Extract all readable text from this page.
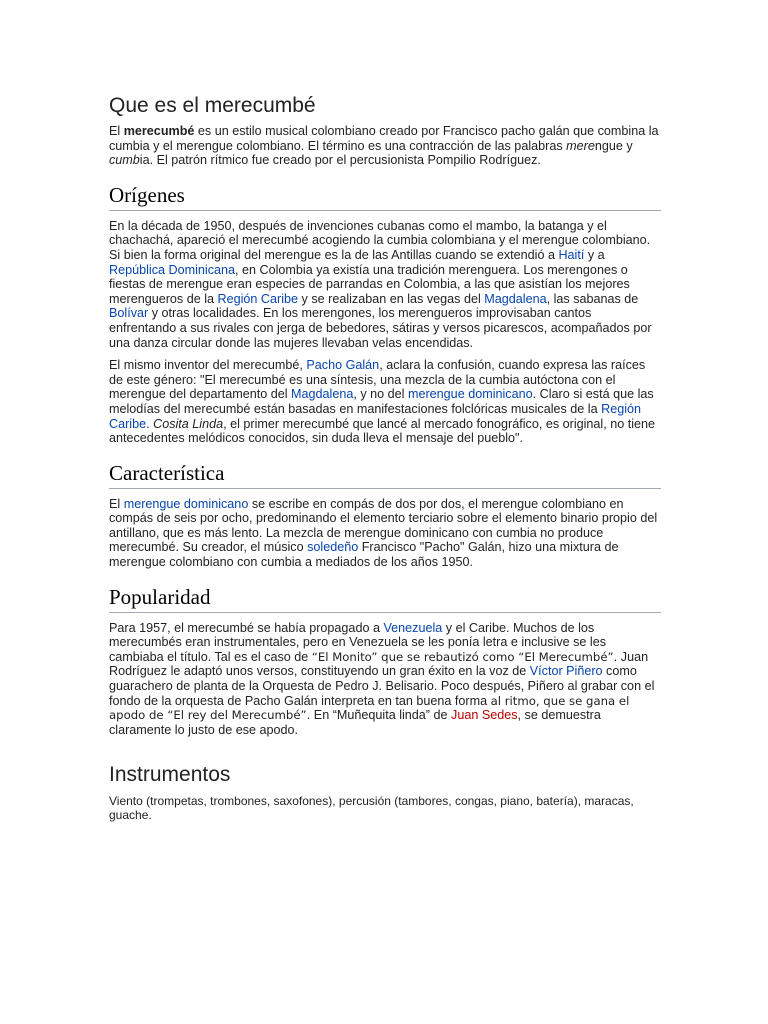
Que es el merecumbé

El merecumbé es un estilo musical colombiano creado por Francisco pacho galán que combina la cumbia y el merengue colombiano. El término es una contracción de las palabras merengue y cumbia. El patrón rítmico fue creado por el percusionista Pompilio Rodríguez.

Orígenes

En la década de 1950, después de invenciones cubanas como el mambo, la batanga y el chachachá, apareció el merecumbé acogiendo la cumbia colombiana y el merengue colombiano. Si bien la forma original del merengue es la de las Antillas cuando se extendió a Haití y a República Dominicana, en Colombia ya existía una tradición merenguera. Los merengones o fiestas de merengue eran especies de parrandas en Colombia, a las que asistían los mejores merengueros de la Región Caribe y se realizaban en las vegas del Magdalena, las sabanas de Bolívar y otras localidades. En los merengones, los merengueros improvisaban cantos enfrentando a sus rivales con jerga de bebedores, sátiras y versos picarescos, acompañados por una danza circular donde las mujeres llevaban velas encendidas.

El mismo inventor del merecumbé, Pacho Galán, aclara la confusión, cuando expresa las raíces de este género: "El merecumbé es una síntesis, una mezcla de la cumbia autóctona con el merengue del departamento del Magdalena, y no del merengue dominicano. Claro si está que las melodías del merecumbé están basadas en manifestaciones folclóricas musicales de la Región Caribe. Cosita Linda, el primer merecumbé que lancé al mercado fonográfico, es original, no tiene antecedentes melódicos conocidos, sin duda lleva el mensaje del pueblo".

Característica

El merengue dominicano se escribe en compás de dos por dos, el merengue colombiano en compás de seis por ocho, predominando el elemento terciario sobre el elemento binario propio del antillano, que es más lento. La mezcla de merengue dominicano con cumbia no produce merecumbé. Su creador, el músico soledeño Francisco "Pacho" Galán, hizo una mixtura de merengue colombiano con cumbia a mediados de los años 1950.

Popularidad

Para 1957, el merecumbé se había propagado a Venezuela y el Caribe. Muchos de los merecumbés eran instrumentales, pero en Venezuela se les ponía letra e inclusive se les cambiaba el título. Tal es el caso de “El Monito” que se rebautizó como “El Merecumbé”. Juan Rodríguez le adaptó unos versos, constituyendo un gran éxito en la voz de Víctor Piñero como guarachero de planta de la Orquesta de Pedro J. Belisario. Poco después, Piñero al grabar con el fondo de la orquesta de Pacho Galán interpreta en tan buena forma al ritmo, que se gana el apodo de “El rey del Merecumbé”. En “Muñequita linda” de Juan Sedes, se demuestra claramente lo justo de ese apodo.

Instrumentos

Viento (trompetas, trombones, saxofones), percusión (tambores, congas, piano, batería), maracas, guache.
